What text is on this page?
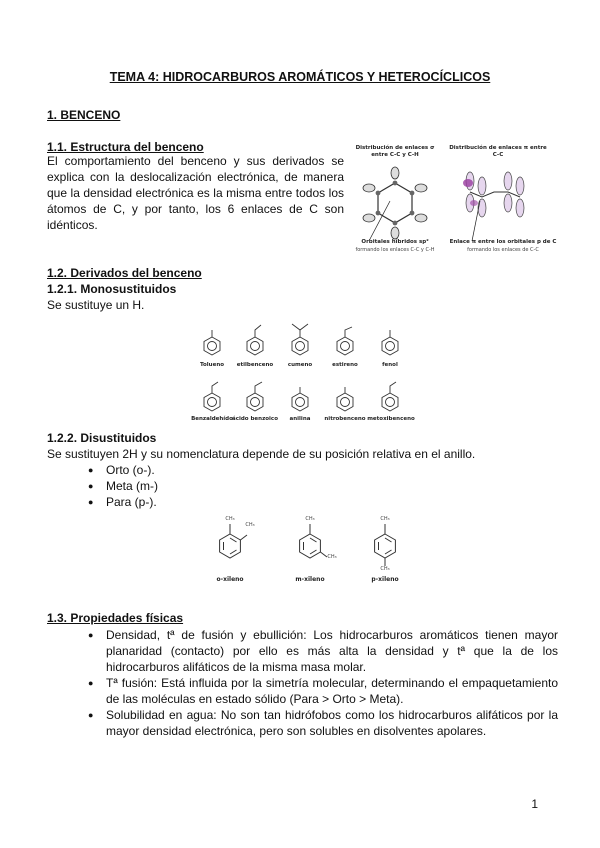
TEMA 4: HIDROCARBUROS AROMÁTICOS Y HETEROCÍCLICOS
1. BENCENO
1.1. Estructura del benceno
El comportamiento del benceno y sus derivados se explica con la deslocalización electrónica, de manera que la densidad electrónica es la misma entre todos los átomos de C, y por tanto, los 6 enlaces de C son idénticos.
Distribución de enlaces σ entre C-C y C-H
Orbitales híbridos sp²
formando los enlaces C-C y C-H
Distribución de enlaces π entre C-C
Enlace π entre los orbitales p de C
formando los enlaces de C-C
1.2. Derivados del benceno
1.2.1. Monosustituidos
Se sustituye un H.
Tolueno	etilbenceno	cumeno	estireno	fenol
Benzaldehído ácido benzoico	anilina	nitrobenceno metoxibenceno
1.2.2. Disustituidos
Se sustituyen 2H y su nomenclatura depende de su posición relativa en el anillo.
● Orto (o-).
● Meta (m-)
● Para (p-).
CH₃
CH₃
CH₃
CH₃
CH₃
CH₃
o-xileno	m-xileno	p-xileno
1.3. Propiedades físicas
● Densidad, tª de fusión y ebullición: Los hidrocarburos aromáticos tienen mayor planaridad (contacto) por ello es más alta la densidad y tª que la de los hidrocarburos alifáticos de la misma masa molar.
● Tª fusión: Está influida por la simetría molecular, determinando el empaquetamiento de las moléculas en estado sólido (Para > Orto > Meta).
● Solubilidad en agua: No son tan hidrófobos como los hidrocarburos alifáticos por la mayor densidad electrónica, pero son solubles en disolventes apolares.
1
